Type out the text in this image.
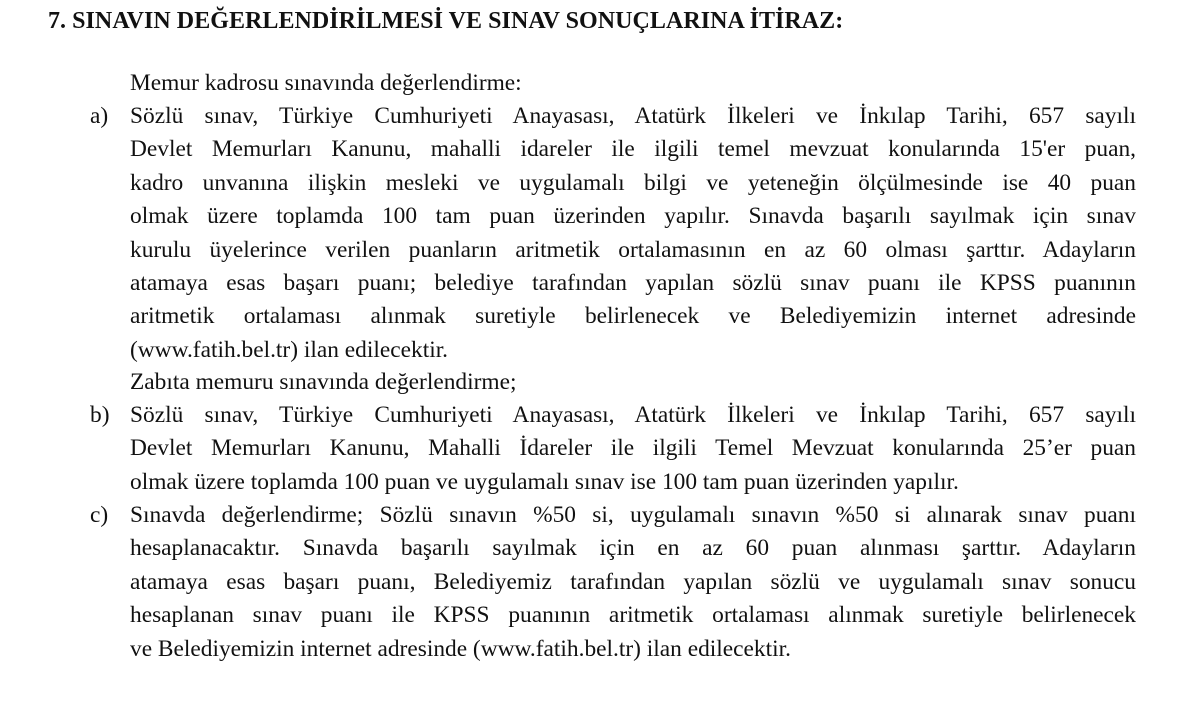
7. SINAVIN DEĞERLENDİRİLMESİ VE SINAV SONUÇLARINA İTİRAZ:
Memur kadrosu sınavında değerlendirme:
a) Sözlü sınav, Türkiye Cumhuriyeti Anayasası, Atatürk İlkeleri ve İnkılap Tarihi, 657 sayılı
Devlet Memurları Kanunu, mahalli idareler ile ilgili temel mevzuat konularında 15'er puan,
kadro unvanına ilişkin mesleki ve uygulamalı bilgi ve yeteneğin ölçülmesinde ise 40 puan
olmak üzere toplamda 100 tam puan üzerinden yapılır. Sınavda başarılı sayılmak için sınav
kurulu üyelerince verilen puanların aritmetik ortalamasının en az 60 olması şarttır. Adayların
atamaya esas başarı puanı; belediye tarafından yapılan sözlü sınav puanı ile KPSS puanının
aritmetik ortalaması alınmak suretiyle belirlenecek ve Belediyemizin internet adresinde
(www.fatih.bel.tr) ilan edilecektir.
Zabıta memuru sınavında değerlendirme;
b) Sözlü sınav, Türkiye Cumhuriyeti Anayasası, Atatürk İlkeleri ve İnkılap Tarihi, 657 sayılı
Devlet Memurları Kanunu, Mahalli İdareler ile ilgili Temel Mevzuat konularında 25’er puan
olmak üzere toplamda 100 puan ve uygulamalı sınav ise 100 tam puan üzerinden yapılır.
c) Sınavda değerlendirme; Sözlü sınavın %50 si, uygulamalı sınavın %50 si alınarak sınav puanı
hesaplanacaktır. Sınavda başarılı sayılmak için en az 60 puan alınması şarttır. Adayların
atamaya esas başarı puanı, Belediyemiz tarafından yapılan sözlü ve uygulamalı sınav sonucu
hesaplanan sınav puanı ile KPSS puanının aritmetik ortalaması alınmak suretiyle belirlenecek
ve Belediyemizin internet adresinde (www.fatih.bel.tr) ilan edilecektir.
